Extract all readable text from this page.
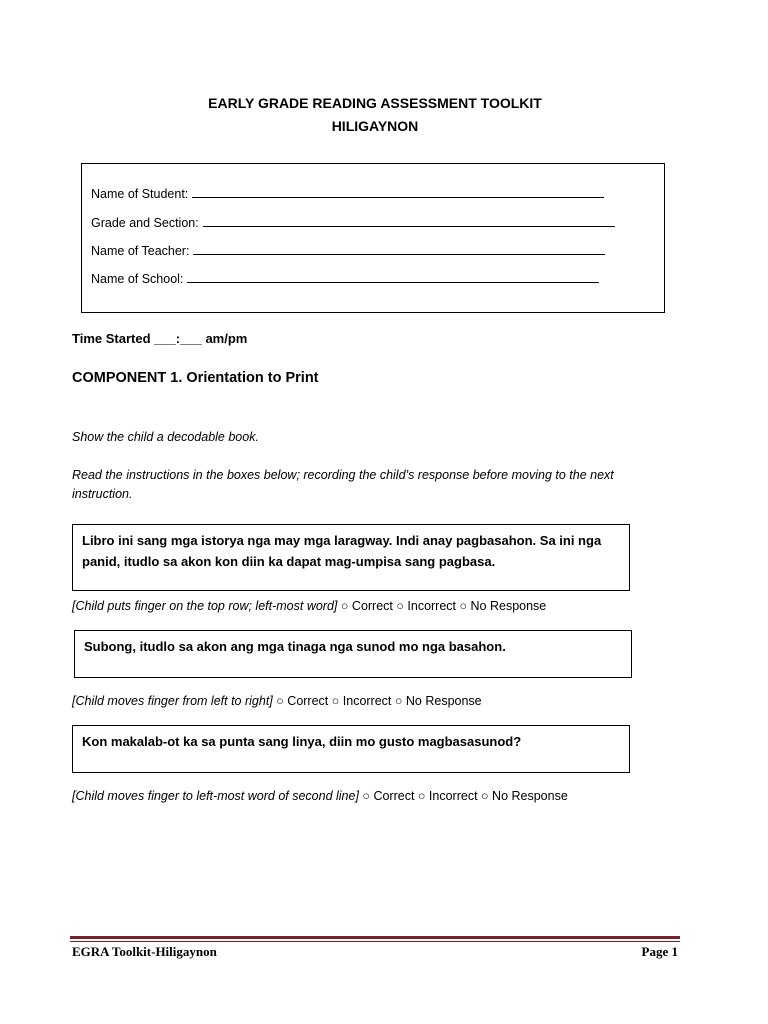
EARLY GRADE READING ASSESSMENT TOOLKIT
HILIGAYNON
Name of Student:
Grade and Section:
Name of Teacher:
Name of School:
Time Started ___:___ am/pm
COMPONENT 1. Orientation to Print
Show the child a decodable book.
Read the instructions in the boxes below; recording the child’s response before moving to the next instruction.
Libro ini sang mga istorya nga may mga laragway. Indi anay pagbasahon. Sa ini nga panid, itudlo sa akon kon diin ka dapat mag-umpisa sang pagbasa.
[Child puts finger on the top row; left-most word] ○ Correct ○ Incorrect ○ No Response
Subong, itudlo sa akon ang mga tinaga nga sunod mo nga basahon.
[Child moves finger from left to right] ○ Correct ○ Incorrect ○ No Response
Kon makalab-ot ka sa punta sang linya, diin mo gusto magbasasunod?
[Child moves finger to left-most word of second line] ○ Correct ○ Incorrect ○ No Response
EGRA Toolkit-Hiligaynon	Page 1
